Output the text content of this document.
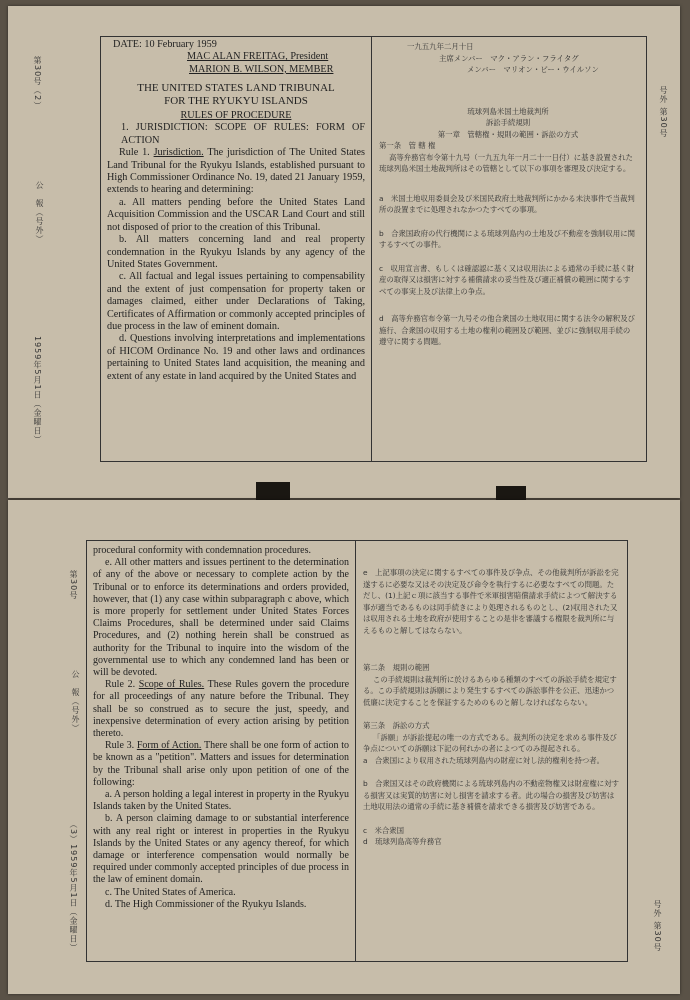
第30号（2）
公　報（号外）
1959年5月1日（金曜日）
号外 第30号

DATE: 10 February 1959

MAC ALAN FREITAG, President

MARION B. WILSON, MEMBER

THE UNITED STATES LAND TRIBUNAL

FOR THE RYUKYU ISLANDS

RULES OF PROCEDURE

1. JURISDICTION: SCOPE OF RULES: FORM OF ACTION

Rule 1. Jurisdiction. The jurisdiction of The United States Land Tribunal for the Ryukyu Islands, established pursuant to High Commissioner Ordinance No. 19, dated 21 January 1959, extends to hearing and determining:

a. All matters pending before the United States Land Acquisition Commission and the USCAR Land Court and still not disposed of prior to the creation of this Tribunal.

b. All matters concerning land and real property condemnation in the Ryukyu Islands by any agency of the United States Government.

c. All factual and legal issues pertaining to compensability and the extent of just compensation for property taken or damages claimed, either under Declarations of Taking, Certificates of Affirmation or commonly accepted principles of due process in the law of eminent domain.

d. Questions involving interpretations and implementations of HICOM Ordinance No. 19 and other laws and ordinances pertaining to United States land acquisition, the meaning and extent of any estate in land acquired by the United States and

一九五九年二月十日

主席メンバー　マク・アラン・フライタグ

メンバー　マリオン・ビー・ウイルソン

琉球列島米国土地裁判所

訴訟手続規則

第一章　管轄権・規則の範囲・訴訟の方式

第一条　管 轄 権

高等弁務官布令第十九号（一九五九年一月二十一日付）に基き設置された琉球列島米国土地裁判所はその管轄として以下の事項を審理及び決定する。

a　米国土地収用委員会及び米国民政府土地裁判所にかかる未決事件で当裁判所の設置までに処理されなかつたすべての事項。

b　合衆国政府の代行機関による琉球列島内の土地及び不動産を強制収用に関するすべての事件。

c　収用宣言書、もしくは確認認に基く又は収用法による通常の手続に基く財産の取得又は損害に対する補償請求の妥当性及び適正補償の範囲に関するすべての事実上及び法律上の争点。

d　高等弁務官布令第一九号その他合衆国の土地収用に関する法令の解釈及び施行、合衆国の収用する土地の権利の範囲及び範囲、並びに強制収用手続の遵守に関する問題。

第30号
公　報（号外）
（3）1959年5月1日（金曜日）	号外 第30号

procedural conformity with condemnation procedures.

e. All other matters and issues pertinent to the determination of any of the above or necessary to complete action by the Tribunal or to enforce its determinations and orders provided, however, that (1) any case within subparagraph c above, which is more properly for settlement under United States Forces Claims Procedures, shall be determined under said Claims Procedures, and (2) nothing herein shall be construed as authority for the Tribunal to inquire into the wisdom of the governmental use to which any condemned land has been or will be devoted.

Rule 2. Scope of Rules. These Rules govern the procedure for all proceedings of any nature before the Tribunal. They shall be so construed as to secure the just, speedy, and inexpensive determination of every action arising by petition thereto.

Rule 3. Form of Action. There shall be one form of action to be known as a "petition". Matters and issues for determination by the Tribunal shall arise only upon petition of one of the following:

a. A person holding a legal interest in property in the Ryukyu Islands taken by the United States.

b. A person claiming damage to or substantial interference with any real right or interest in properties in the Ryukyu Islands by the United States or any agency thereof, for which damage or interference compensation would normally be required under commonly accepted principles of due process in the law of eminent domain.

c. The United States of America.

d. The High Commissioner of the Ryukyu Islands.

e　上記事項の決定に関するすべての事件及び争点、その他裁判所が訴訟を完遂するに必要な又はその決定及び命令を執行するに必要なすべての問題。ただし、(1)上記ｃ項に該当する事件で米軍損害賠償請求手続によつて解決する事が適当であるものは同手続きにより処理されるものとし、(2)収用された又は収用される土地を政府が使用することの是非を審議する権限を裁判所に与えるものと解してはならない。

第二条　規則の範囲

この手続規則は裁判所に於けるあらゆる種類のすべての訴訟手続を規定する。この手続規則は訴願により発生するすべての訴訟事件を公正、迅速かつ低廉に決定することを保証するためのものと解しなければならない。

第三条　訴訟の方式

「訴願」が訴訟提起の唯一の方式である。裁判所の決定を求める事件及び争点についての訴願は下記の何れかの者によつてのみ提起される。

a　合衆国により収用された琉球列島内の財産に対し法的権利を持つ者。

b　合衆国又はその政府機関による琉球列島内の不動産物権又は財産権に対する損害又は実質的妨害に対し損害を請求する者。此の場合の損害及び妨害は土地収用法の通常の手続に基き補償を請求できる損害及び妨害である。

c　米合衆国

d　琉球列島高等弁務官
